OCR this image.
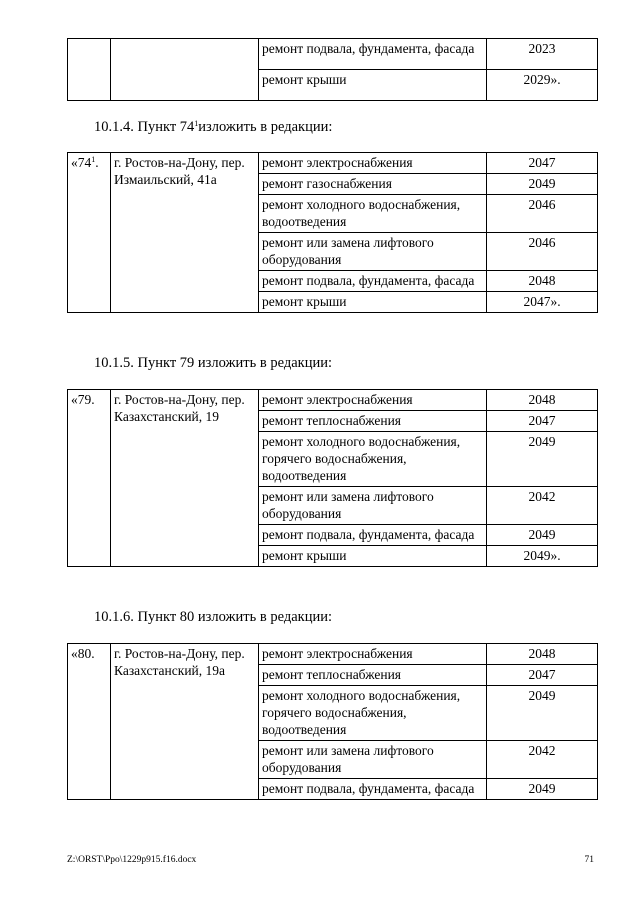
		ремонт подвала, фундамента, фасада	2023
		ремонт крыши	2029».
10.1.4. Пункт $74^1изложить$ в редакции:
«$74^1$.	г. Ростов-на-Дону, пер. Измаильский, 41а	ремонт электроснабжения	2047
		ремонт газоснабжения	2049
		ремонт холодного водоснабжения, водоотведения	2046
		ремонт или замена лифтового оборудования	2046
		ремонт подвала, фундамента, фасада	2048
		ремонт крыши	2047».
10.1.5. Пункт 79 изложить в редакции:
«79.	г. Ростов-на-Дону, пер. Казахстанский, 19	ремонт электроснабжения	2048
		ремонт теплоснабжения	2047
		ремонт холодного водоснабжения, горячего водоснабжения, водоотведения	2049
		ремонт или замена лифтового оборудования	2042
		ремонт подвала, фундамента, фасада	2049
		ремонт крыши	2049».
10.1.6. Пункт 80 изложить в редакции:
«80.	г. Ростов-на-Дону, пер. Казахстанский, 19а	ремонт электроснабжения	2048
		ремонт теплоснабжения	2047
		ремонт холодного водоснабжения, горячего водоснабжения, водоотведения	2049
		ремонт или замена лифтового оборудования	2042
		ремонт подвала, фундамента, фасада	2049
Z:\ORST\Ppo\1229p915.f16.docx	71
